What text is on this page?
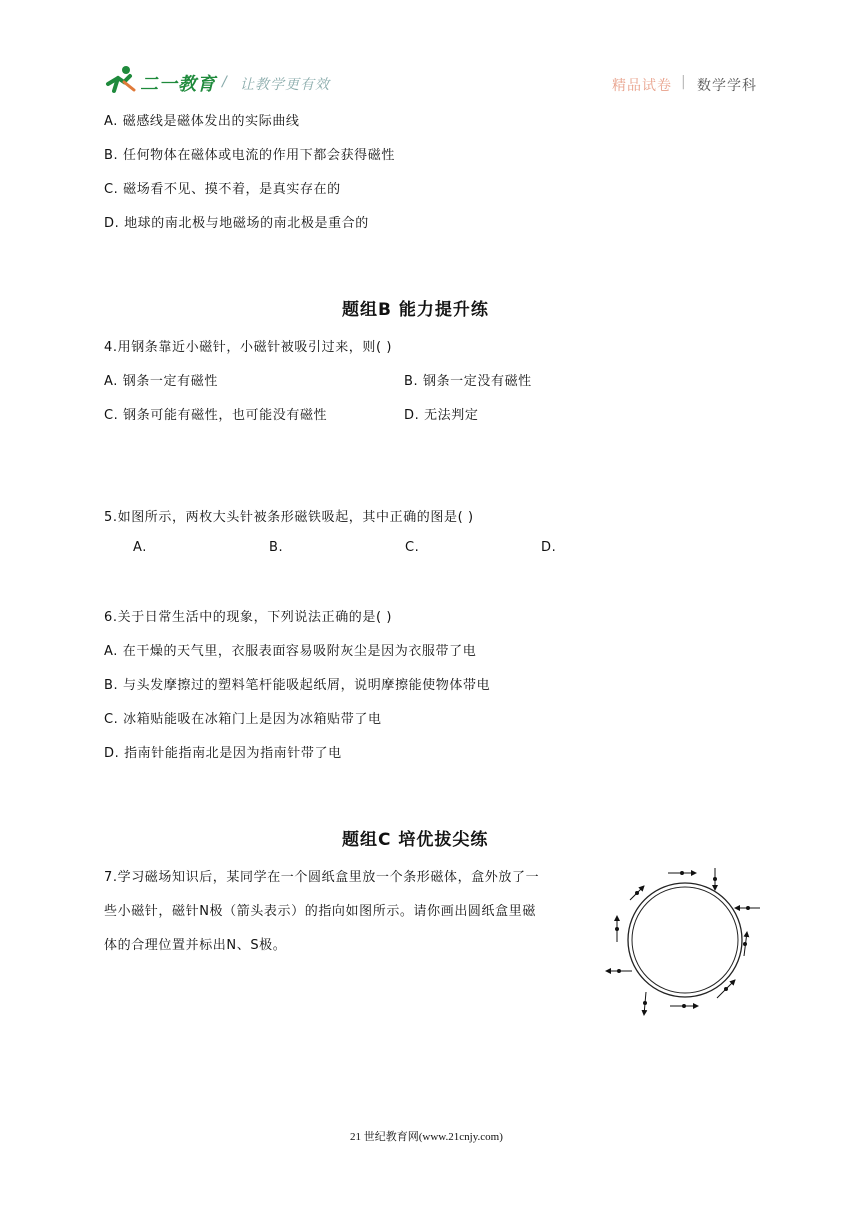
二一教育 / 让教学更有效	精品试卷 | 数学学科
A. 磁感线是磁体发出的实际曲线
B. 任何物体在磁体或电流的作用下都会获得磁性
C. 磁场看不见、摸不着，是真实存在的
D. 地球的南北极与地磁场的南北极是重合的
题组B 能力提升练
4.用钢条靠近小磁针，小磁针被吸引过来，则( )
A. 钢条一定有磁性	B. 钢条一定没有磁性
C. 钢条可能有磁性，也可能没有磁性	D. 无法判定
5.如图所示，两枚大头针被条形磁铁吸起，其中正确的图是( )
A.	B.	C.	D.
6.关于日常生活中的现象，下列说法正确的是( )
A. 在干燥的天气里，衣服表面容易吸附灰尘是因为衣服带了电
B. 与头发摩擦过的塑料笔杆能吸起纸屑，说明摩擦能使物体带电
C. 冰箱贴能吸在冰箱门上是因为冰箱贴带了电
D. 指南针能指南北是因为指南针带了电
题组C 培优拔尖练
7.学习磁场知识后，某同学在一个圆纸盒里放一个条形磁体，盒外放了一
些小磁针，磁针N极（箭头表示）的指向如图所示。请你画出圆纸盒里磁
体的合理位置并标出N、S极。
21 世纪教育网(www.21cnjy.com)
